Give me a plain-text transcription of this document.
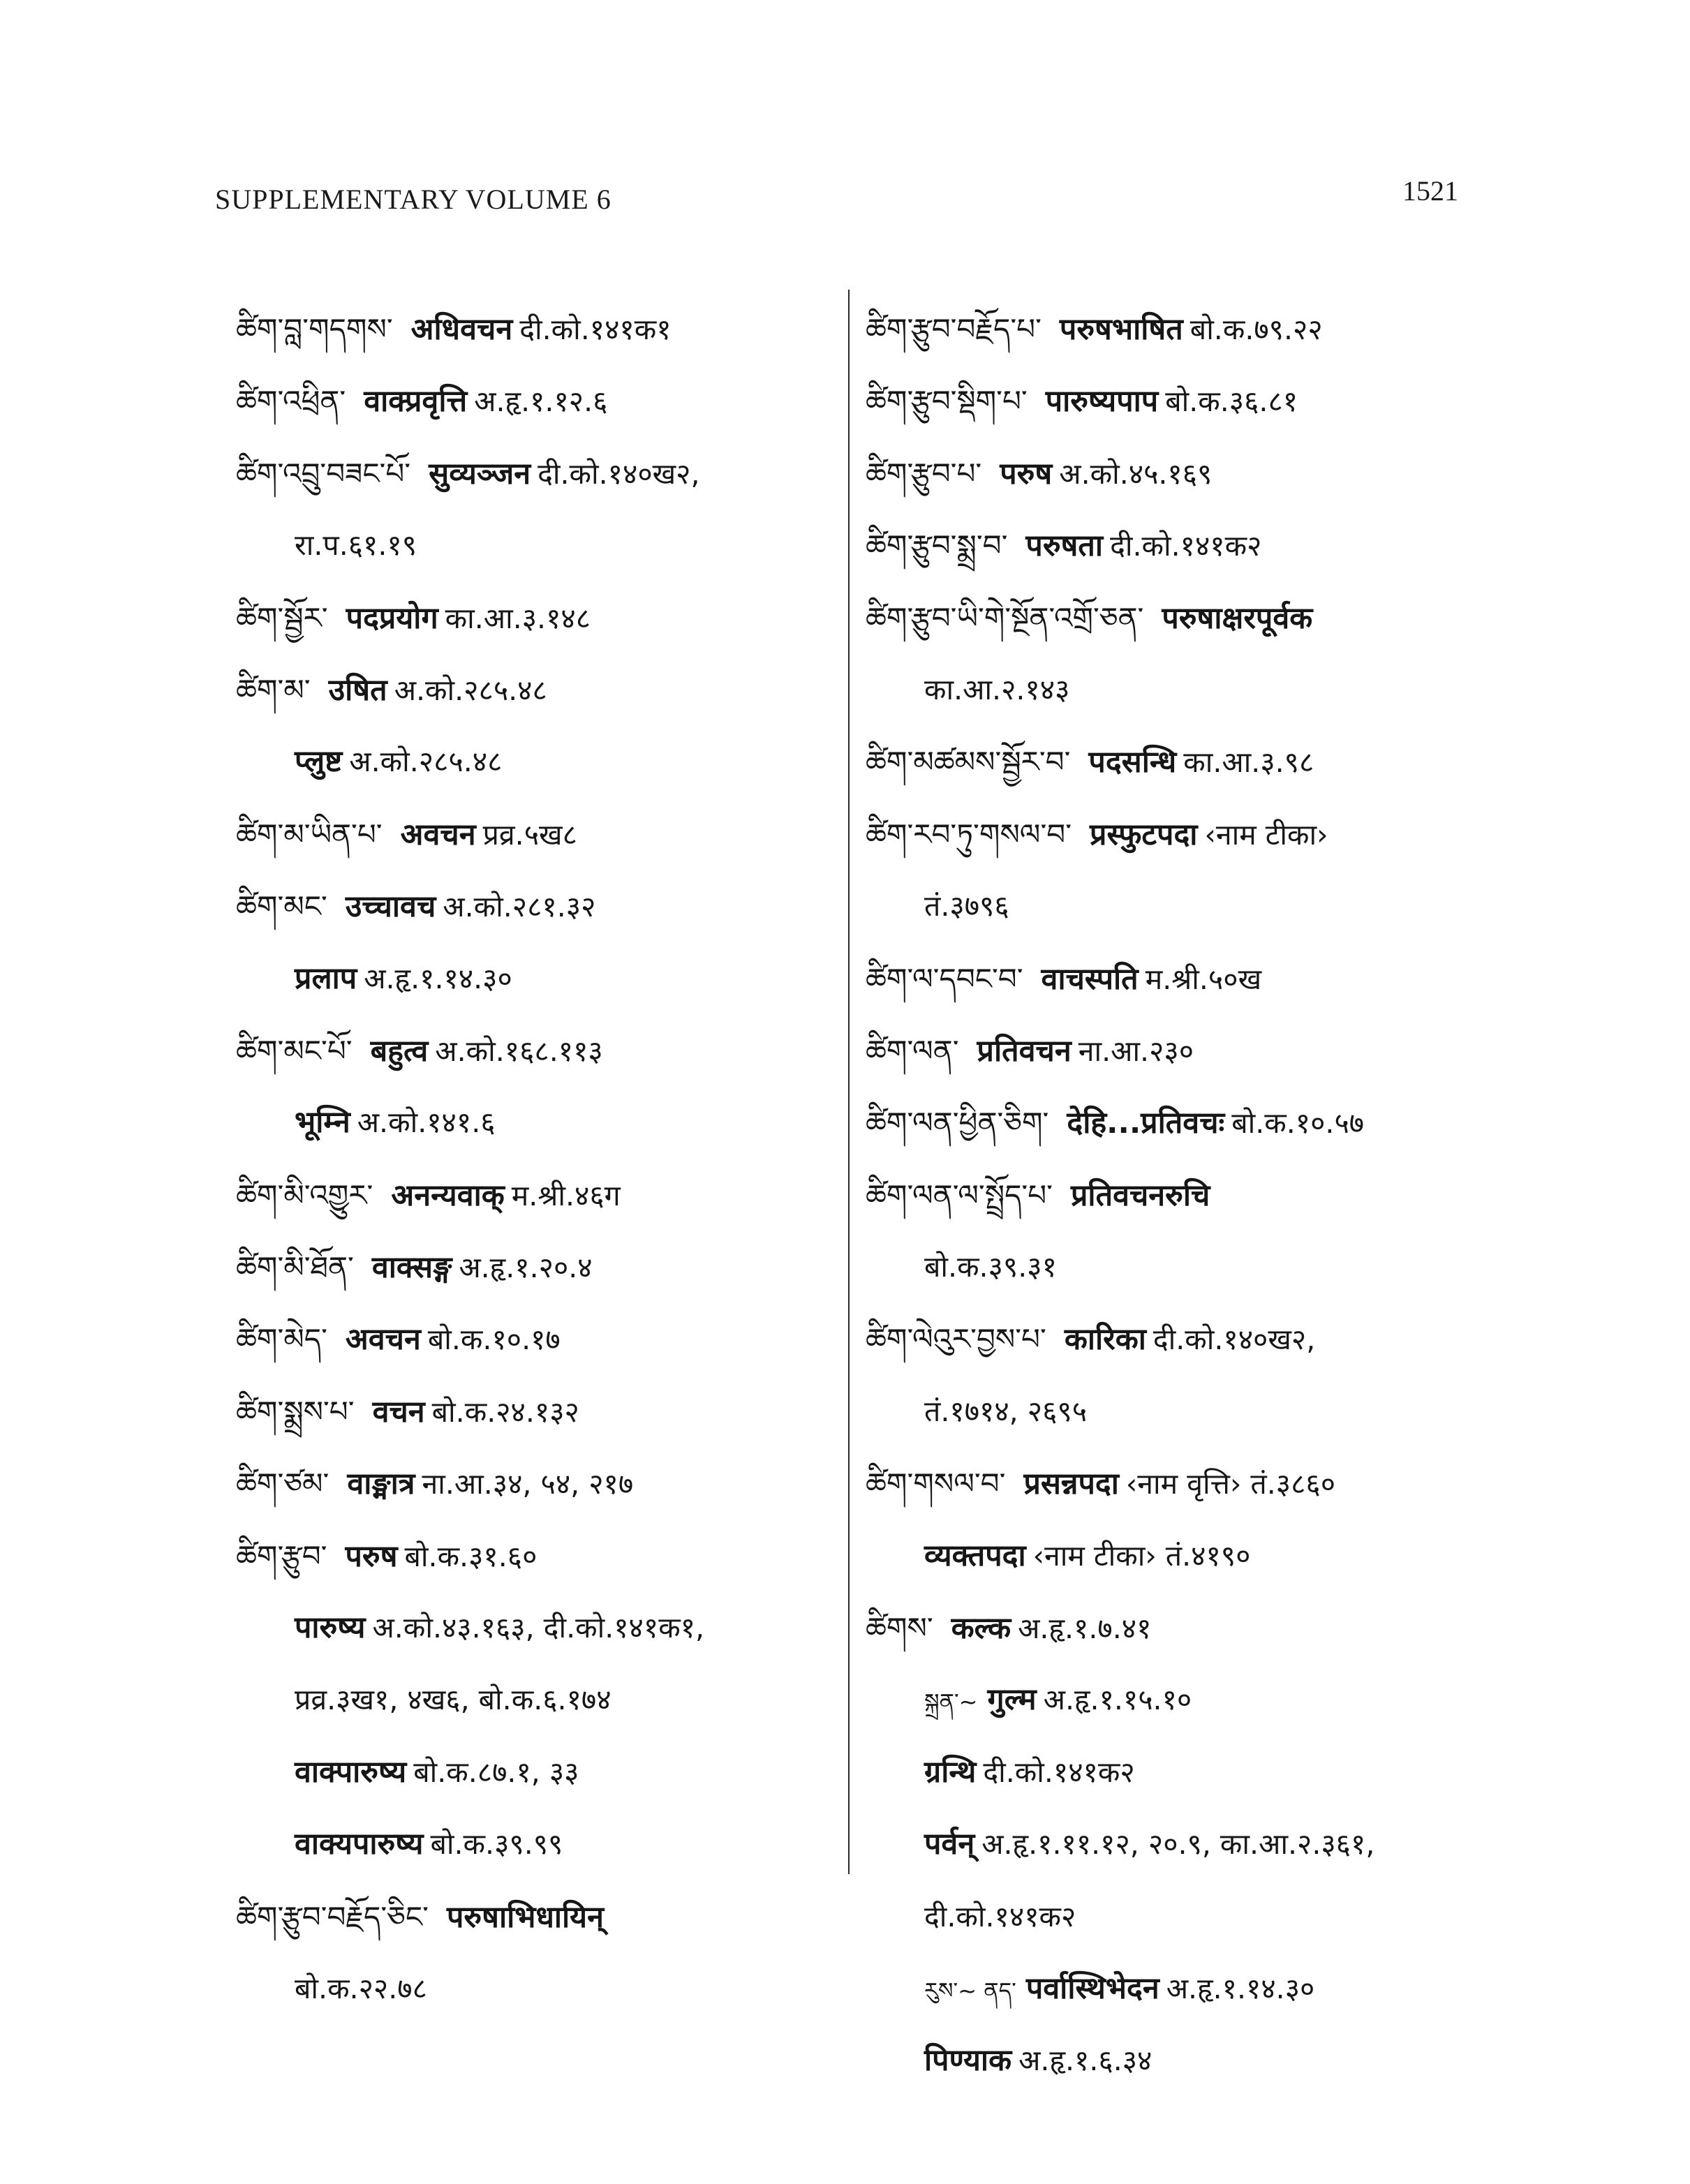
SUPPLEMENTARY VOLUME 6	1521
ཚིག་བླ་གདགས་ अधिवचन दी.को.१४१क१
ཚིག་འཕྲིན་ वाक्प्रवृत्ति अ.हृ.१.१२.६
ཚིག་འབྲུ་བཟང་པོ་ सुव्यञ्जन दी.को.१४०ख२,
रा.प.६१.१९
ཚིག་སྦྱོར་ पदप्रयोग का.आ.३.१४८
ཚིག་མ་ उषित अ.को.२८५.४८
प्लुष्ट अ.को.२८५.४८
ཚིག་མ་ཡིན་པ་ अवचन प्रव्र.५ख८
ཚིག་མང་ उच्चावच अ.को.२८१.३२
प्रलाप अ.हृ.१.१४.३०
ཚིག་མང་པོ་ बहुत्व अ.को.१६८.११३
भूम्नि अ.को.१४१.६
ཚིག་མི་འགྱུར་ अनन्यवाक् म.श्री.४६ग
ཚིག་མི་ཐོན་ वाक्सङ्ग अ.हृ.१.२०.४
ཚིག་མེད་ अवचन बो.क.१०.१७
ཚིག་སྨྲས་པ་ वचन बो.क.२४.१३२
ཚིག་ཙམ་ वाङ्मात्र ना.आ.३४, ५४, २१७
ཚིག་རྩུབ་ परुष बो.क.३१.६०
पारुष्य अ.को.४३.१६३, दी.को.१४१क१,
प्रव्र.३ख१, ४ख६, बो.क.६.१७४
वाक्पारुष्य बो.क.८७.१, ३३
वाक्यपारुष्य बो.क.३९.९९
ཚིག་རྩུབ་བརྗོད་ཅིང་ परुषाभिधायिन्
बो.क.२२.७८
ཚིག་རྩུབ་བརྗོད་པ་ परुषभाषित बो.क.७९.२२
ཚིག་རྩུབ་སྡིག་པ་ पारुष्यपाप बो.क.३६.८१
ཚིག་རྩུབ་པ་ परुष अ.को.४५.१६९
ཚིག་རྩུབ་སྨྲ་བ་ परुषता दी.को.१४१क२
ཚིག་རྩུབ་ཡི་གེ་སྔོན་འགྲོ་ཅན་ परुषाक्षरपूर्वक
का.आ.२.१४३
ཚིག་མཚམས་སྦྱོར་བ་ पदसन्धि का.आ.३.९८
ཚིག་རབ་ཏུ་གསལ་བ་ प्रस्फुटपदा ‹नाम टीका›
तं.३७९६
ཚིག་ལ་དབང་བ་ वाचस्पति म.श्री.५०ख
ཚིག་ལན་ प्रतिवचन ना.आ.२३०
ཚིག་ལན་ཕྱིན་ཅིག་ देहि...प्रतिवचः बो.क.१०.५७
ཚིག་ལན་ལ་སྤྲོད་པ་ प्रतिवचनरुचि
बो.क.३९.३१
ཚིག་ལེའུར་བྱས་པ་ कारिका दी.को.१४०ख२,
तं.१७१४, २६९५
ཚིག་གསལ་བ་ प्रसन्नपदा ‹नाम वृत्ति› तं.३८६०
व्यक्तपदा ‹नाम टीका› तं.४१९०
ཚིགས་ कल्क अ.हृ.१.७.४१
སྐྲན་~ गुल्म अ.हृ.१.१५.१०
ग्रन्थि दी.को.१४१क२
पर्वन् अ.हृ.१.११.१२, २०.९, का.आ.२.३६१,
दी.को.१४१क२
རུས་~ ནད་ पर्वास्थिभेदन अ.हृ.१.१४.३०
पिण्याक अ.हृ.१.६.३४
